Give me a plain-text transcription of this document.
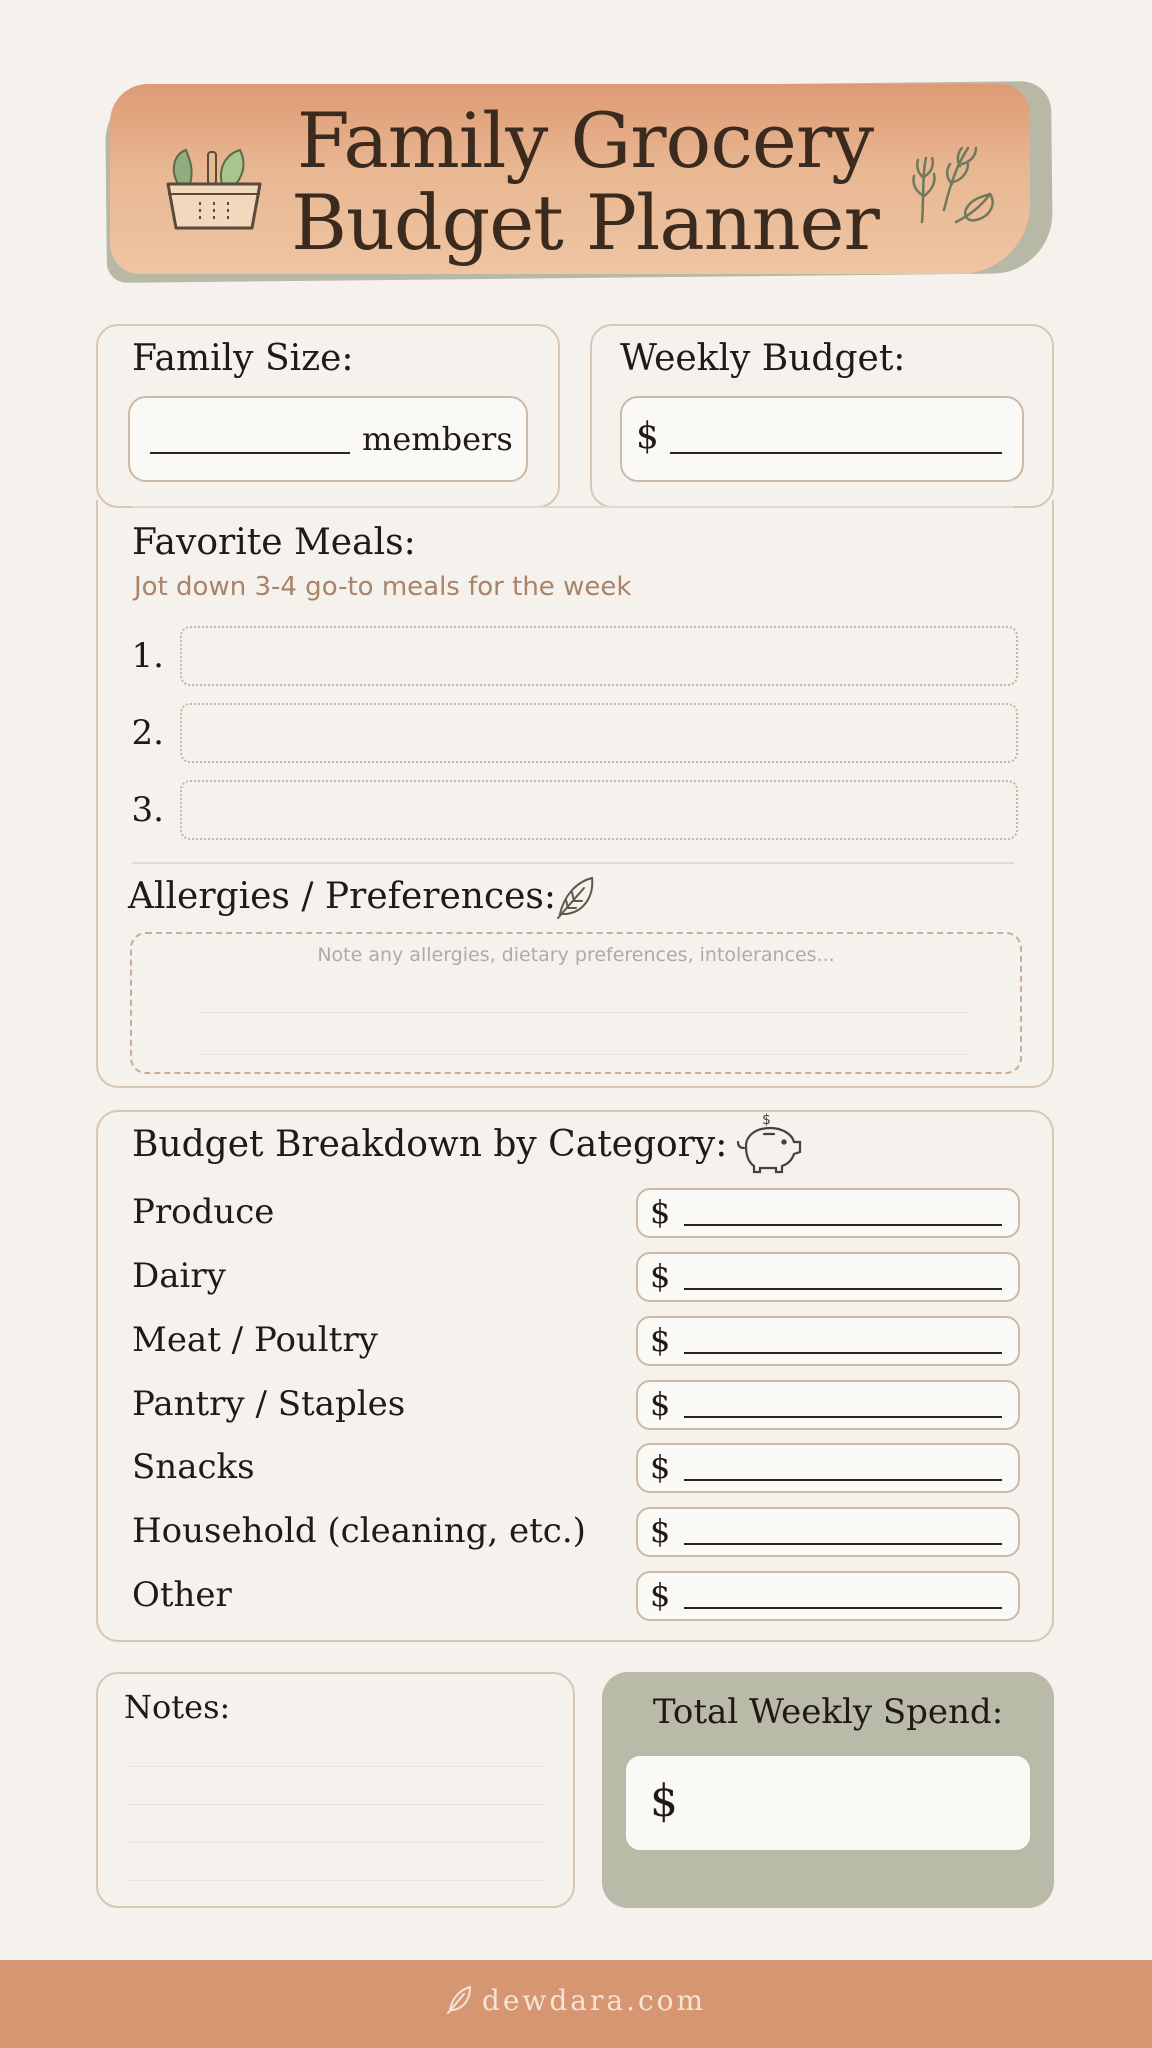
Family Grocery
Budget Planner
Family Size:
members
Weekly Budget:
$
Favorite Meals:
Jot down 3-4 go-to meals for the week
1.
2.
3.
Allergies / Preferences:
Note any allergies, dietary preferences, intolerances...
Budget Breakdown by Category:
$
Produce	$
Dairy	$
Meat / Poultry	$
Pantry / Staples	$
Snacks	$
Household (cleaning, etc.) $
Other	$
Notes:	Total Weekly Spend:
$
dewdara.com
